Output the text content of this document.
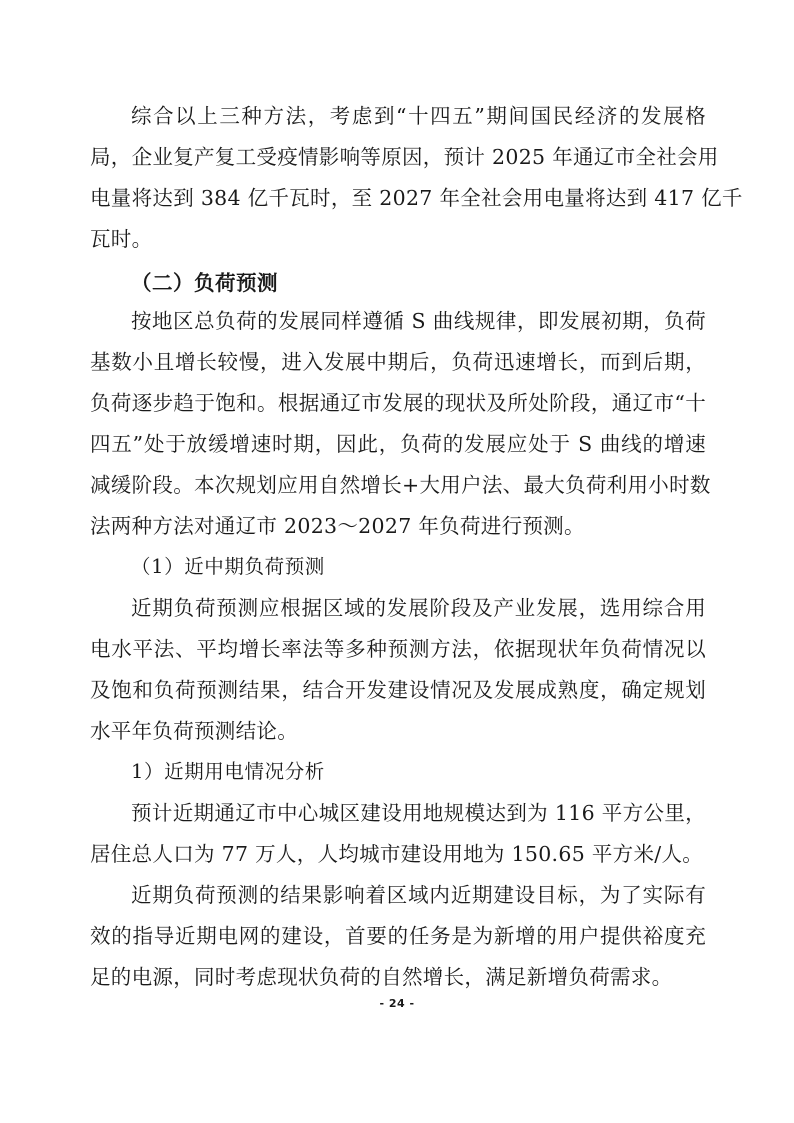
综合以上三种方法，考虑到“十四五”期间国民经济的发展格
局，企业复产复工受疫情影响等原因，预计 2025 年通辽市全社会用
电量将达到 384 亿千瓦时，至 2027 年全社会用电量将达到 417 亿千
瓦时。
（二）负荷预测
按地区总负荷的发展同样遵循 S 曲线规律，即发展初期，负荷
基数小且增长较慢，进入发展中期后，负荷迅速增长，而到后期，
负荷逐步趋于饱和。根据通辽市发展的现状及所处阶段，通辽市“十
四五”处于放缓增速时期，因此，负荷的发展应处于 S 曲线的增速
减缓阶段。本次规划应用自然增长+大用户法、最大负荷利用小时数
法两种方法对通辽市 2023～2027 年负荷进行预测。
（1）近中期负荷预测
近期负荷预测应根据区域的发展阶段及产业发展，选用综合用
电水平法、平均增长率法等多种预测方法，依据现状年负荷情况以
及饱和负荷预测结果，结合开发建设情况及发展成熟度，确定规划
水平年负荷预测结论。
1）近期用电情况分析
预计近期通辽市中心城区建设用地规模达到为 116 平方公里，
居住总人口为 77 万人，人均城市建设用地为 150.65 平方米/人。
近期负荷预测的结果影响着区域内近期建设目标，为了实际有
效的指导近期电网的建设，首要的任务是为新增的用户提供裕度充
足的电源，同时考虑现状负荷的自然增长，满足新增负荷需求。
- 24 -
